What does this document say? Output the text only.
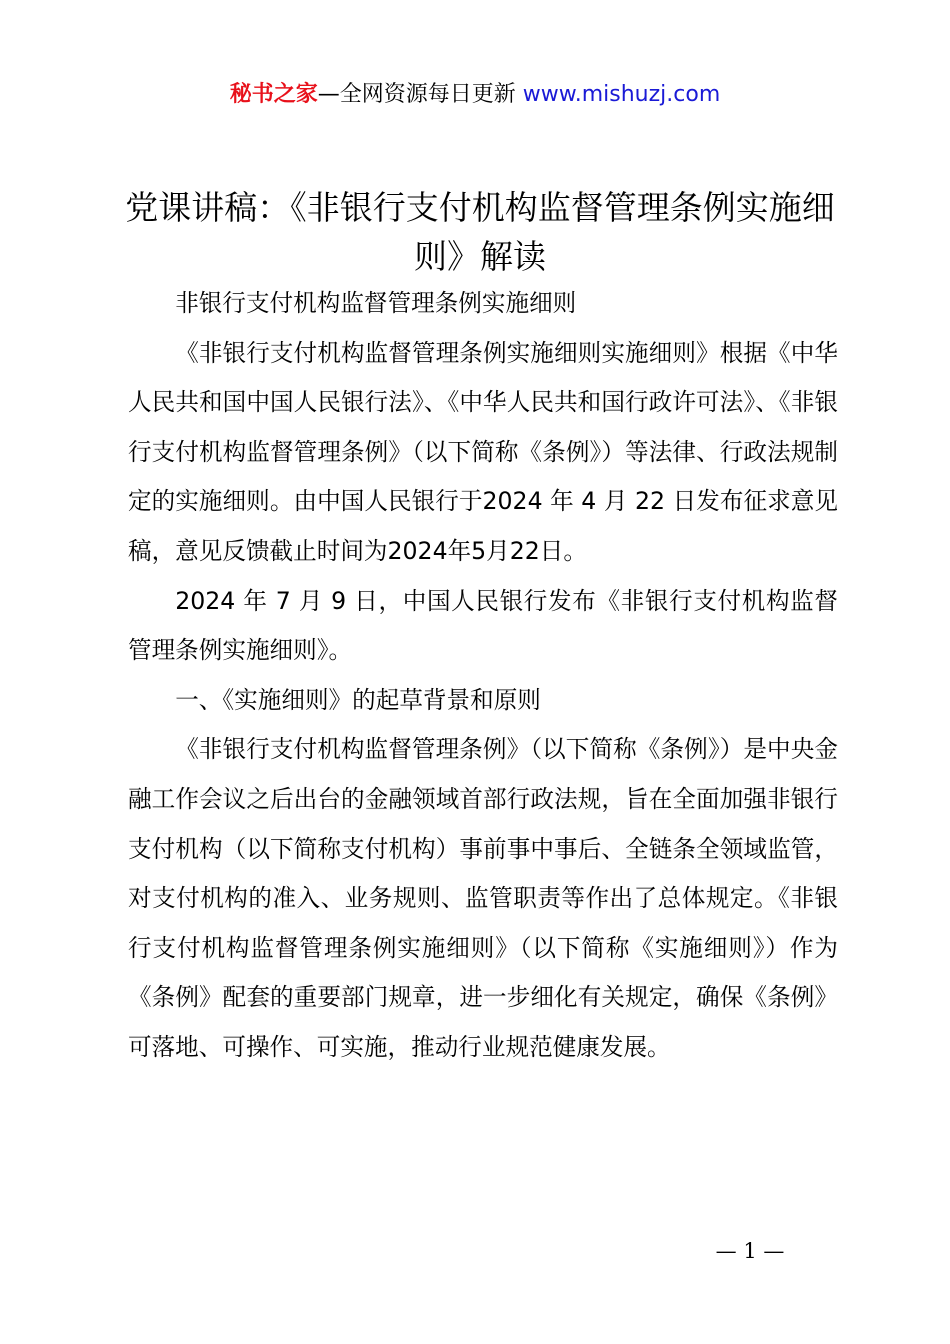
秘书之家—全网资源每日更新 www.mishuzj.com
党课讲稿：《非银行支付机构监督管理条例实施细则》解读

非银行支付机构监督管理条例实施细则

《非银行支付机构监督管理条例实施细则实施细则》根据《中华人民共和国中国人民银行法》、《中华人民共和国行政许可法》、《非银行支付机构监督管理条例》（以下简称《条例》）等法律、行政法规制定的实施细则。由中国人民银行于2024 年 4 月 22 日发布征求意见稿，意见反馈截止时间为2024年5月22日。

2024 年 7 月 9 日，中国人民银行发布《非银行支付机构监督管理条例实施细则》。

一、《实施细则》的起草背景和原则

《非银行支付机构监督管理条例》（以下简称《条例》）是中央金融工作会议之后出台的金融领域首部行政法规，旨在全面加强非银行支付机构（以下简称支付机构）事前事中事后、全链条全领域监管，对支付机构的准入、业务规则、监管职责等作出了总体规定。《非银行支付机构监督管理条例实施细则》（以下简称《实施细则》）作为《条例》配套的重要部门规章，进一步细化有关规定，确保《条例》可落地、可操作、可实施，推动行业规范健康发展。

— 1 —
